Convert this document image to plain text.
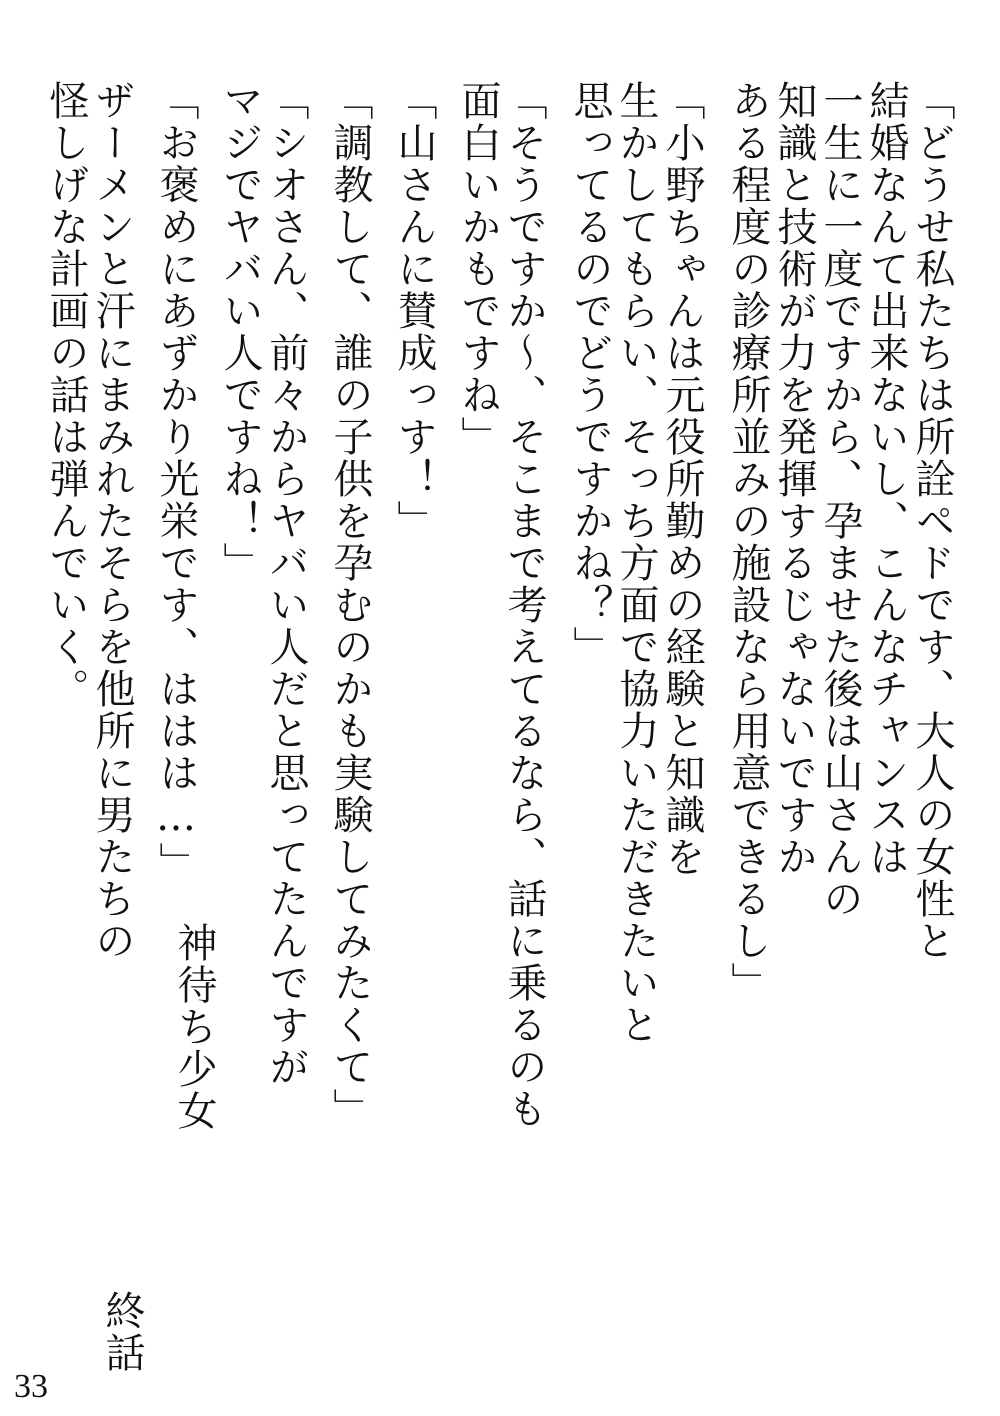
「どうせ私たちは所詮ペドです、大人の女性と
結婚なんて出来ないし、こんなチャンスは
一生に一度ですから、孕ませた後は山さんの
知識と技術が力を発揮するじゃないですか
ある程度の診療所並みの施設なら用意できるし」
「小野ちゃんは元役所勤めの経験と知識を
生かしてもらい、そっち方面で協力いただきたいと
思ってるのでどうですかね？」
「そうですか～、そこまで考えてるなら、話に乗るのも
面白いかもですね」
「山さんに賛成っす！」
「調教して、誰の子供を孕むのかも実験してみたくて」
「シオさん、前々からヤバい人だと思ってたんですが
マジでヤバい人ですね！」
「お褒めにあずかり光栄です、ははは…」
ザーメンと汗にまみれたそらを他所に男たちの
怪しげな計画の話は弾んでいく。
神待ち少女
終話
33
